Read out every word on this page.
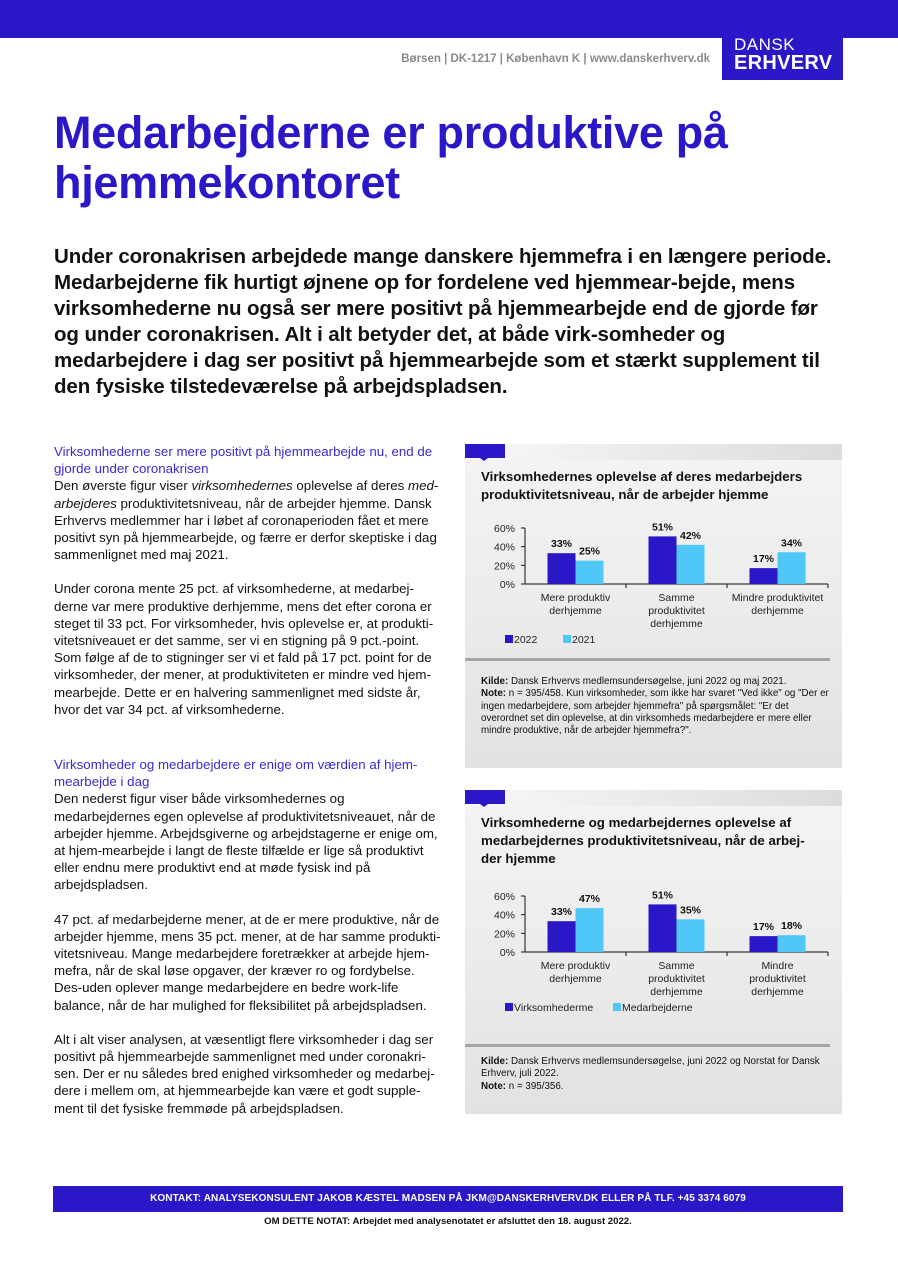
DANSK
ERHVERV
Børsen | DK-1217 | København K | www.danskerhverv.dk
Medarbejderne er produktive på hjemmekontoret
Under coronakrisen arbejdede mange danskere hjemmefra i en længere periode. Medarbejderne fik hurtigt øjnene op for fordelene ved hjemmear-bejde, mens virksomhederne nu også ser mere positivt på hjemmearbejde end de gjorde før og under coronakrisen. Alt i alt betyder det, at både virk-somheder og medarbejdere i dag ser positivt på hjemmearbejde som et stærkt supplement til den fysiske tilstedeværelse på arbejdspladsen.
Virksomhederne ser mere positivt på hjemmearbejde nu, end de gjorde under coronakrisen

Den øverste figur viser virksomhedernes oplevelse af deres med-arbejderes produktivitetsniveau, når de arbejder hjemme. Dansk Erhvervs medlemmer har i løbet af coronaperioden fået et mere positivt syn på hjemmearbejde, og færre er derfor skeptiske i dag sammenlignet med maj 2021.

Under corona mente 25 pct. af virksomhederne, at medarbej-derne var mere produktive derhjemme, mens det efter corona er steget til 33 pct. For virksomheder, hvis oplevelse er, at produkti-vitetsniveauet er det samme, ser vi en stigning på 9 pct.-point. Som følge af de to stigninger ser vi et fald på 17 pct. point for de virksomheder, der mener, at produktiviteten er mindre ved hjem-mearbejde. Dette er en halvering sammenlignet med sidste år, hvor det var 34 pct. af virksomhederne.

Virksomheder og medarbejdere er enige om værdien af hjem-mearbejde i dag

Den nederst figur viser både virksomhedernes og medarbejdernes egen oplevelse af produktivitetsniveauet, når de arbejder hjemme. Arbejdsgiverne og arbejdstagerne er enige om, at hjem-mearbejde i langt de fleste tilfælde er lige så produktivt eller endnu mere produktivt end at møde fysisk ind på arbejdspladsen.

47 pct. af medarbejderne mener, at de er mere produktive, når de arbejder hjemme, mens 35 pct. mener, at de har samme produkti-vitetsniveau. Mange medarbejdere foretrækker at arbejde hjem-mefra, når de skal løse opgaver, der kræver ro og fordybelse. Des-uden oplever mange medarbejdere en bedre work-life balance, når de har mulighed for fleksibilitet på arbejdspladsen.

Alt i alt viser analysen, at væsentligt flere virksomheder i dag ser positivt på hjemmearbejde sammenlignet med under coronakri-sen. Der er nu således bred enighed virksomheder og medarbej-dere i mellem om, at hjemmearbejde kan være et godt supple-ment til det fysiske fremmøde på arbejdspladsen.

Virksomhedernes oplevelse af deres medarbejders produktivitetsniveau, når de arbejder hjemme
60%
40%
20%
0%
33%
25%
Mere produktiv
derhjemme
51%
42%
Samme
produktivitet
derhjemme
17%
34%
Mindre produktivitet
derhjemme
2022	2021
Kilde: Dansk Erhvervs medlemsundersøgelse, juni 2022 og maj 2021.
Note: n = 395/458. Kun virksomheder, som ikke har svaret "Ved ikke" og "Der er ingen medarbejdere, som arbejder hjemmefra" på spørgsmålet: "Er det overordnet set din oplevelse, at din virksomheds medarbejdere er mere eller mindre produktive, når de arbejder hjemmefra?".
Virksomhederne og medarbejdernes oplevelse af medarbejdernes produktivitetsniveau, når de arbej-der hjemme
60%
40%
20%
0%
33%
47%
Mere produktiv
derhjemme
51%
35%
Samme
produktivitet
derhjemme
17% 18%
Mindre
produktivitet
derhjemme
Virksomhederme	Medarbejderne
Kilde: Dansk Erhvervs medlemsundersøgelse, juni 2022 og Norstat for Dansk Erhverv, juli 2022.
Note: n = 395/356.
KONTAKT: ANALYSEKONSULENT JAKOB KÆSTEL MADSEN PÅ JKM@DANSKERHVERV.DK ELLER PÅ TLF. +45 3374 6079
OM DETTE NOTAT: Arbejdet med analysenotatet er afsluttet den 18. august 2022.
